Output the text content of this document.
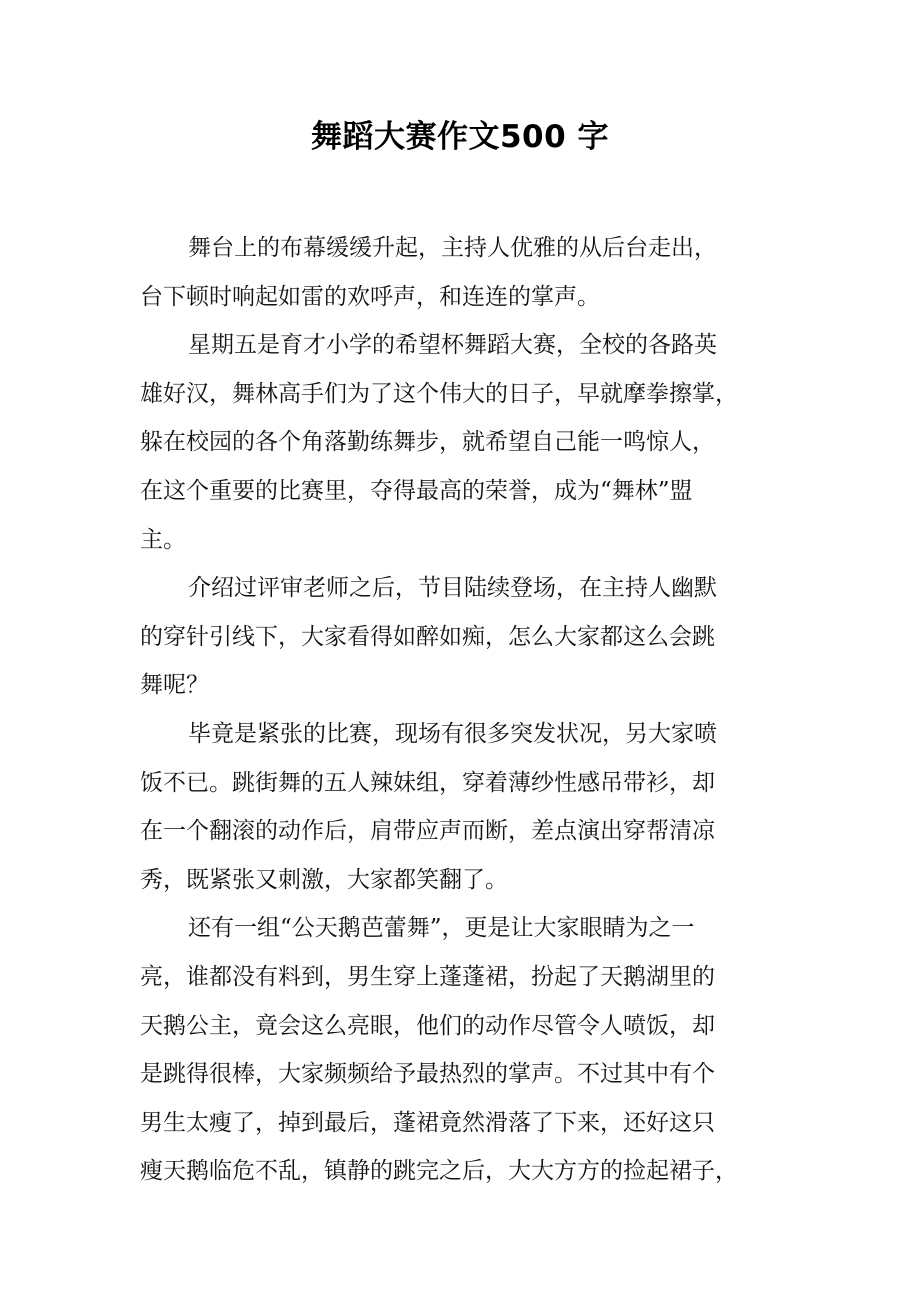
舞蹈大赛作文500 字
舞台上的布幕缓缓升起，主持人优雅的从后台走出，
台下顿时响起如雷的欢呼声，和连连的掌声。
星期五是育才小学的希望杯舞蹈大赛，全校的各路英
雄好汉，舞林高手们为了这个伟大的日子，早就摩拳擦掌，
躲在校园的各个角落勤练舞步，就希望自己能一鸣惊人，
在这个重要的比赛里，夺得最高的荣誉，成为“舞林”盟
主。
介绍过评审老师之后，节目陆续登场，在主持人幽默
的穿针引线下，大家看得如醉如痴，怎么大家都这么会跳
舞呢？
毕竟是紧张的比赛，现场有很多突发状况，另大家喷
饭不已。跳街舞的五人辣妹组，穿着薄纱性感吊带衫，却
在一个翻滚的动作后，肩带应声而断，差点演出穿帮清凉
秀，既紧张又刺激，大家都笑翻了。
还有一组“公天鹅芭蕾舞”，更是让大家眼睛为之一
亮，谁都没有料到，男生穿上蓬蓬裙，扮起了天鹅湖里的
天鹅公主，竟会这么亮眼，他们的动作尽管令人喷饭，却
是跳得很棒，大家频频给予最热烈的掌声。不过其中有个
男生太瘦了，掉到最后，蓬裙竟然滑落了下来，还好这只
瘦天鹅临危不乱，镇静的跳完之后，大大方方的捡起裙子，
